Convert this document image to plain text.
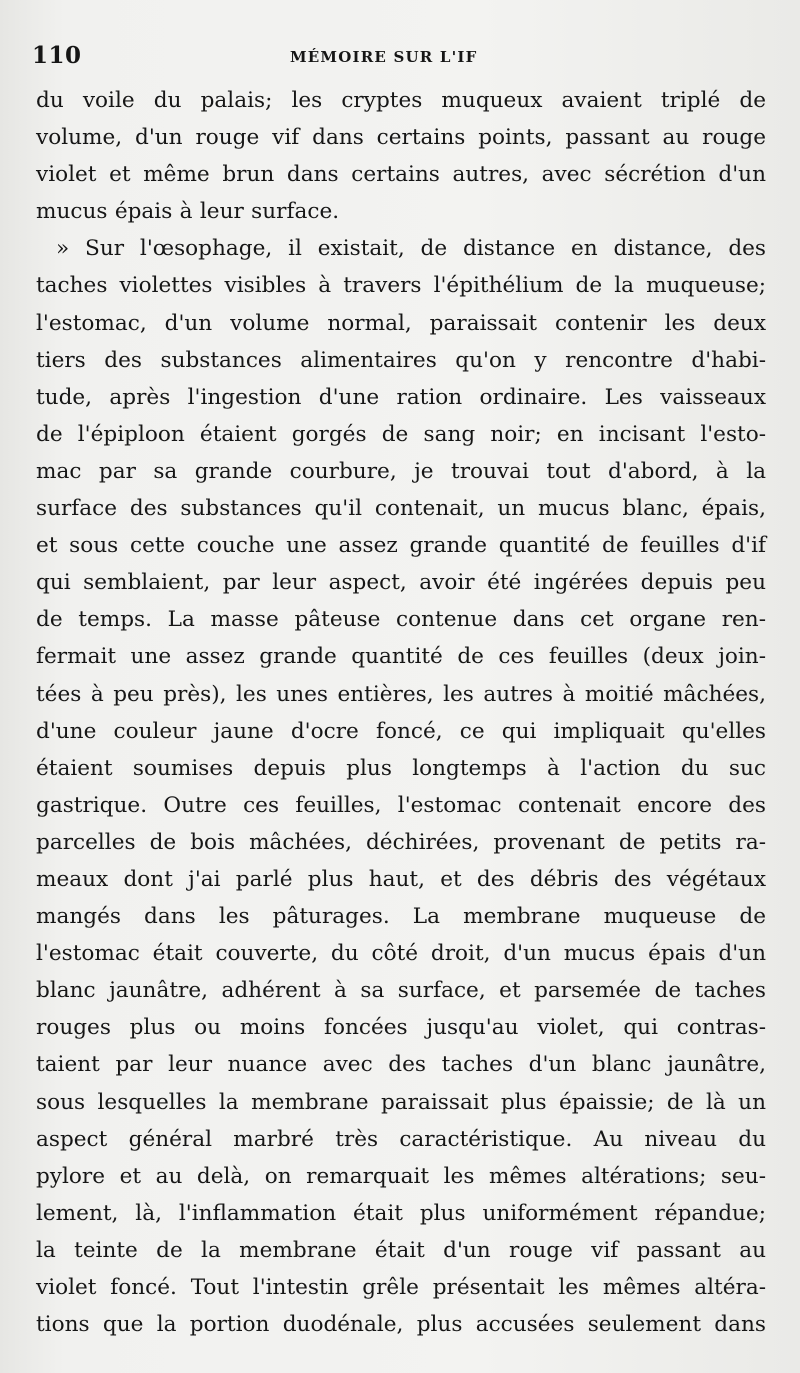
110	MÉMOIRE SUR L'IF
du voile du palais; les cryptes muqueux avaient triplé de
volume, d'un rouge vif dans certains points, passant au rouge
violet et même brun dans certains autres, avec sécrétion d'un
mucus épais à leur surface.
» Sur l'œsophage, il existait, de distance en distance, des
taches violettes visibles à travers l'épithélium de la muqueuse;
l'estomac, d'un volume normal, paraissait contenir les deux
tiers des substances alimentaires qu'on y rencontre d'habi-
tude, après l'ingestion d'une ration ordinaire. Les vaisseaux
de l'épiploon étaient gorgés de sang noir; en incisant l'esto-
mac par sa grande courbure, je trouvai tout d'abord, à la
surface des substances qu'il contenait, un mucus blanc, épais,
et sous cette couche une assez grande quantité de feuilles d'if
qui semblaient, par leur aspect, avoir été ingérées depuis peu
de temps. La masse pâteuse contenue dans cet organe ren-
fermait une assez grande quantité de ces feuilles (deux join-
tées à peu près), les unes entières, les autres à moitié mâchées,
d'une couleur jaune d'ocre foncé, ce qui impliquait qu'elles
étaient soumises depuis plus longtemps à l'action du suc
gastrique. Outre ces feuilles, l'estomac contenait encore des
parcelles de bois mâchées, déchirées, provenant de petits ra-
meaux dont j'ai parlé plus haut, et des débris des végétaux
mangés dans les pâturages. La membrane muqueuse de
l'estomac était couverte, du côté droit, d'un mucus épais d'un
blanc jaunâtre, adhérent à sa surface, et parsemée de taches
rouges plus ou moins foncées jusqu'au violet, qui contras-
taient par leur nuance avec des taches d'un blanc jaunâtre,
sous lesquelles la membrane paraissait plus épaissie; de là un
aspect général marbré très caractéristique. Au niveau du
pylore et au delà, on remarquait les mêmes altérations; seu-
lement, là, l'inflammation était plus uniformément répandue;
la teinte de la membrane était d'un rouge vif passant au
violet foncé. Tout l'intestin grêle présentait les mêmes altéra-
tions que la portion duodénale, plus accusées seulement dans
